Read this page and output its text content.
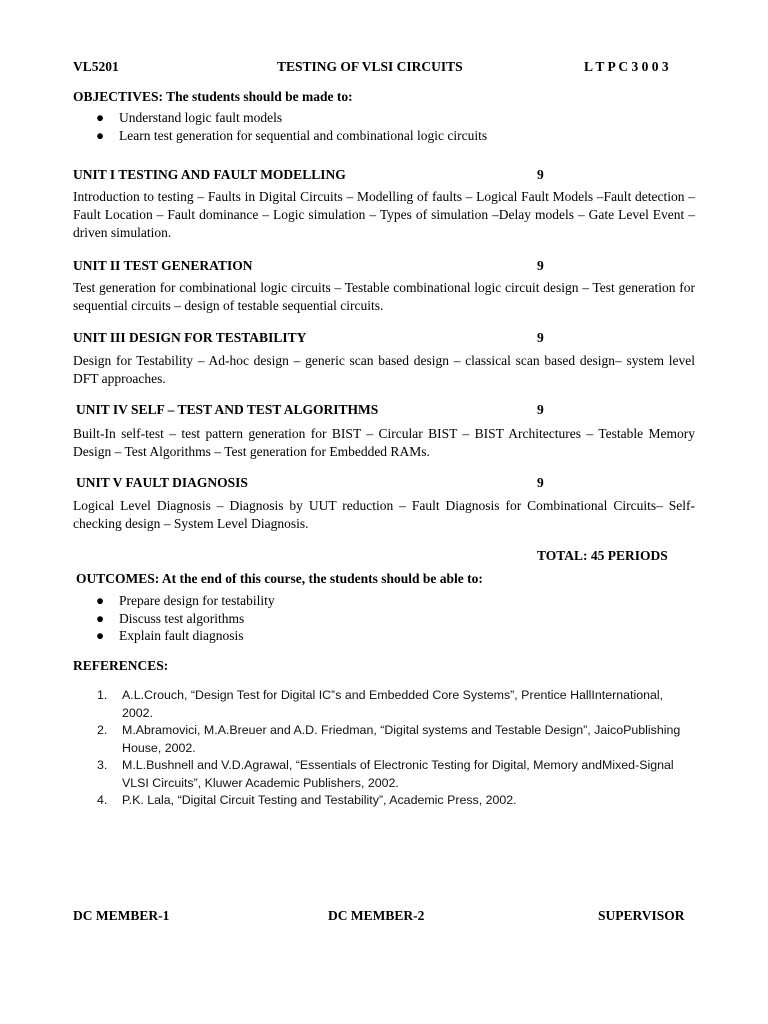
VL5201	TESTING OF VLSI CIRCUITS	L T P C 3 0 0 3
OBJECTIVES: The students should be made to:
● Understand logic fault models
● Learn test generation for sequential and combinational logic circuits
UNIT I TESTING AND FAULT MODELLING	9
Introduction to testing – Faults in Digital Circuits – Modelling of faults – Logical Fault Models –Fault detection – Fault Location – Fault dominance – Logic simulation – Types of simulation –Delay models – Gate Level Event – driven simulation.
UNIT II TEST GENERATION	9
Test generation for combinational logic circuits – Testable combinational logic circuit design – Test generation for sequential circuits – design of testable sequential circuits.
UNIT III DESIGN FOR TESTABILITY	9
Design for Testability – Ad-hoc design – generic scan based design – classical scan based design– system level DFT approaches.
UNIT IV SELF – TEST AND TEST ALGORITHMS	9
Built-In self-test – test pattern generation for BIST – Circular BIST – BIST Architectures – Testable Memory Design – Test Algorithms – Test generation for Embedded RAMs.
UNIT V FAULT DIAGNOSIS	9
Logical Level Diagnosis – Diagnosis by UUT reduction – Fault Diagnosis for Combinational Circuits– Self-checking design – System Level Diagnosis.
TOTAL: 45 PERIODS
OUTCOMES: At the end of this course, the students should be able to:
● Prepare design for testability
● Discuss test algorithms
● Explain fault diagnosis
REFERENCES:
1. A.L.Crouch, “Design Test for Digital IC‟s and Embedded Core Systems”, Prentice HallInternational, 2002.
2. M.Abramovici, M.A.Breuer and A.D. Friedman, “Digital systems and Testable Design”, JaicoPublishing House, 2002.
3. M.L.Bushnell and V.D.Agrawal, “Essentials of Electronic Testing for Digital, Memory andMixed-Signal VLSI Circuits”, Kluwer Academic Publishers, 2002.
4. P.K. Lala, “Digital Circuit Testing and Testability”, Academic Press, 2002.
DC MEMBER-1	DC MEMBER-2	SUPERVISOR
